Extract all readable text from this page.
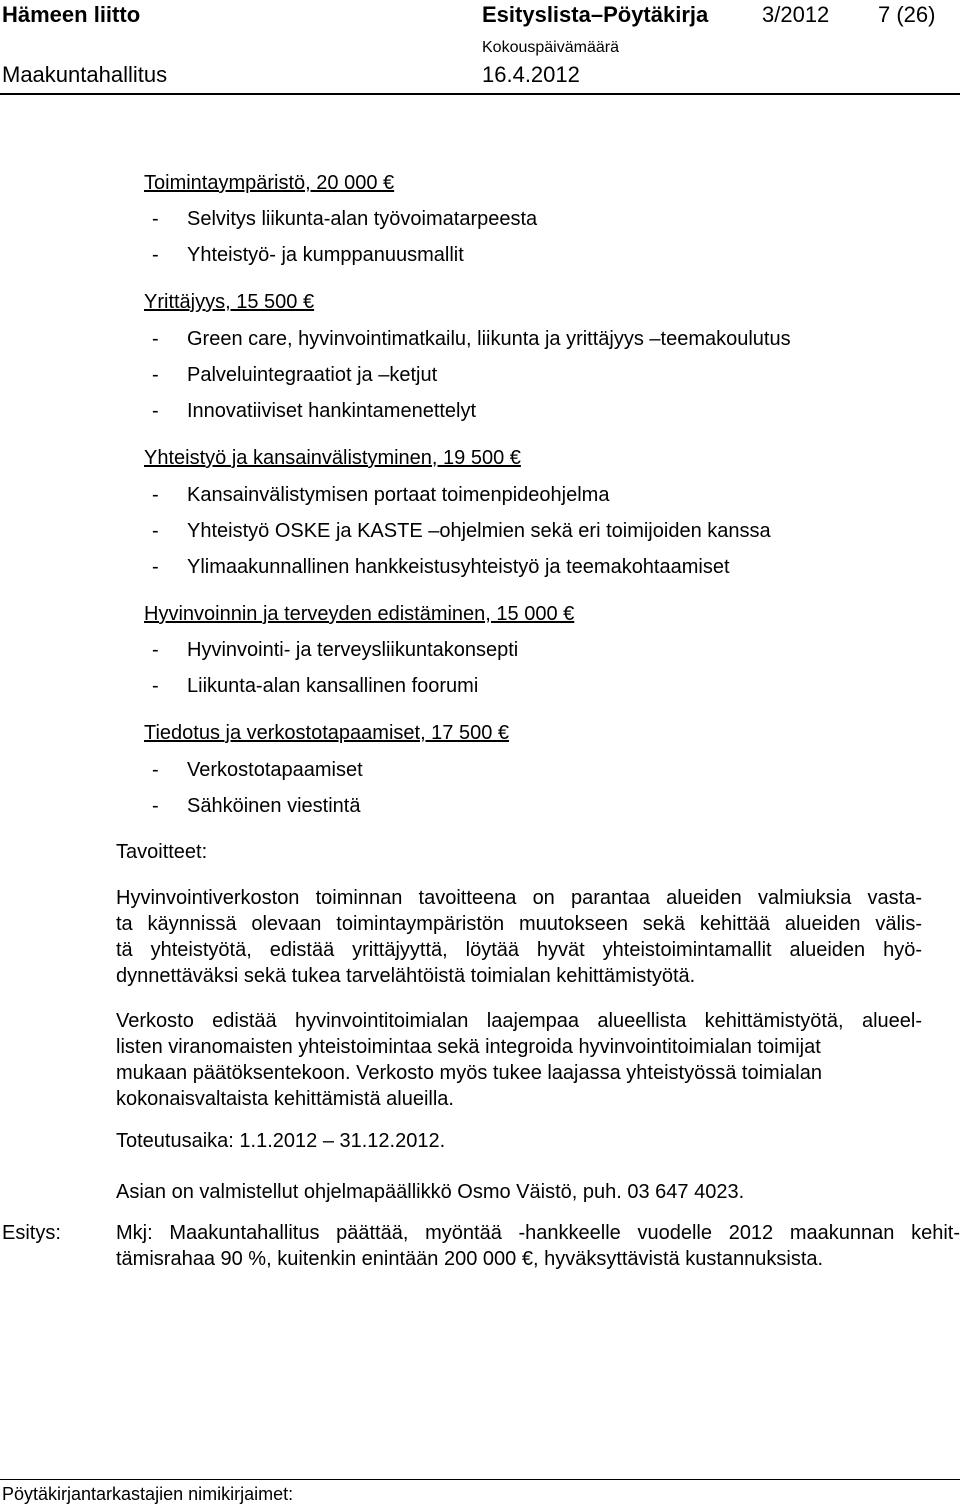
Hämeen liitto	Esityslista–Pöytäkirja 3/2012 7 (26)
Kokouspäivämäärä
Maakuntahallitus	16.4.2012
Toimintaympäristö, 20 000 €
- Selvitys liikunta-alan työvoimatarpeesta
- Yhteistyö- ja kumppanuusmallit
Yrittäjyys, 15 500 €
- Green care, hyvinvointimatkailu, liikunta ja yrittäjyys –teemakoulutus
- Palveluintegraatiot ja –ketjut
- Innovatiiviset hankintamenettelyt
Yhteistyö ja kansainvälistyminen, 19 500 €
- Kansainvälistymisen portaat toimenpideohjelma
- Yhteistyö OSKE ja KASTE –ohjelmien sekä eri toimijoiden kanssa
- Ylimaakunnallinen hankkeistusyhteistyö ja teemakohtaamiset
Hyvinvoinnin ja terveyden edistäminen, 15 000 €
- Hyvinvointi- ja terveysliikuntakonsepti
- Liikunta-alan kansallinen foorumi
Tiedotus ja verkostotapaamiset, 17 500 €
- Verkostotapaamiset
- Sähköinen viestintä
Tavoitteet:
Hyvinvointiverkoston toiminnan tavoitteena on parantaa alueiden valmiuksia vasta-
ta käynnissä olevaan toimintaympäristön muutokseen sekä kehittää alueiden välis-
tä yhteistyötä, edistää yrittäjyyttä, löytää hyvät yhteistoimintamallit alueiden hyö-
dynnettäväksi sekä tukea tarvelähtöistä toimialan kehittämistyötä.
Verkosto edistää hyvinvointitoimialan laajempaa alueellista kehittämistyötä, alueel-
listen viranomaisten yhteistoimintaa sekä integroida hyvinvointitoimialan toimijat
mukaan päätöksentekoon. Verkosto myös tukee laajassa yhteistyössä toimialan
kokonaisvaltaista kehittämistä alueilla.
Toteutusaika: 1.1.2012 – 31.12.2012.
Asian on valmistellut ohjelmapäällikkö Osmo Väistö, puh. 03 647 4023.
Esitys:	Mkj: Maakuntahallitus päättää, myöntää -hankkeelle vuodelle 2012 maakunnan kehit-
tämisrahaa 90 %, kuitenkin enintään 200 000 €, hyväksyttävistä kustannuksista.
Pöytäkirjantarkastajien nimikirjaimet:
